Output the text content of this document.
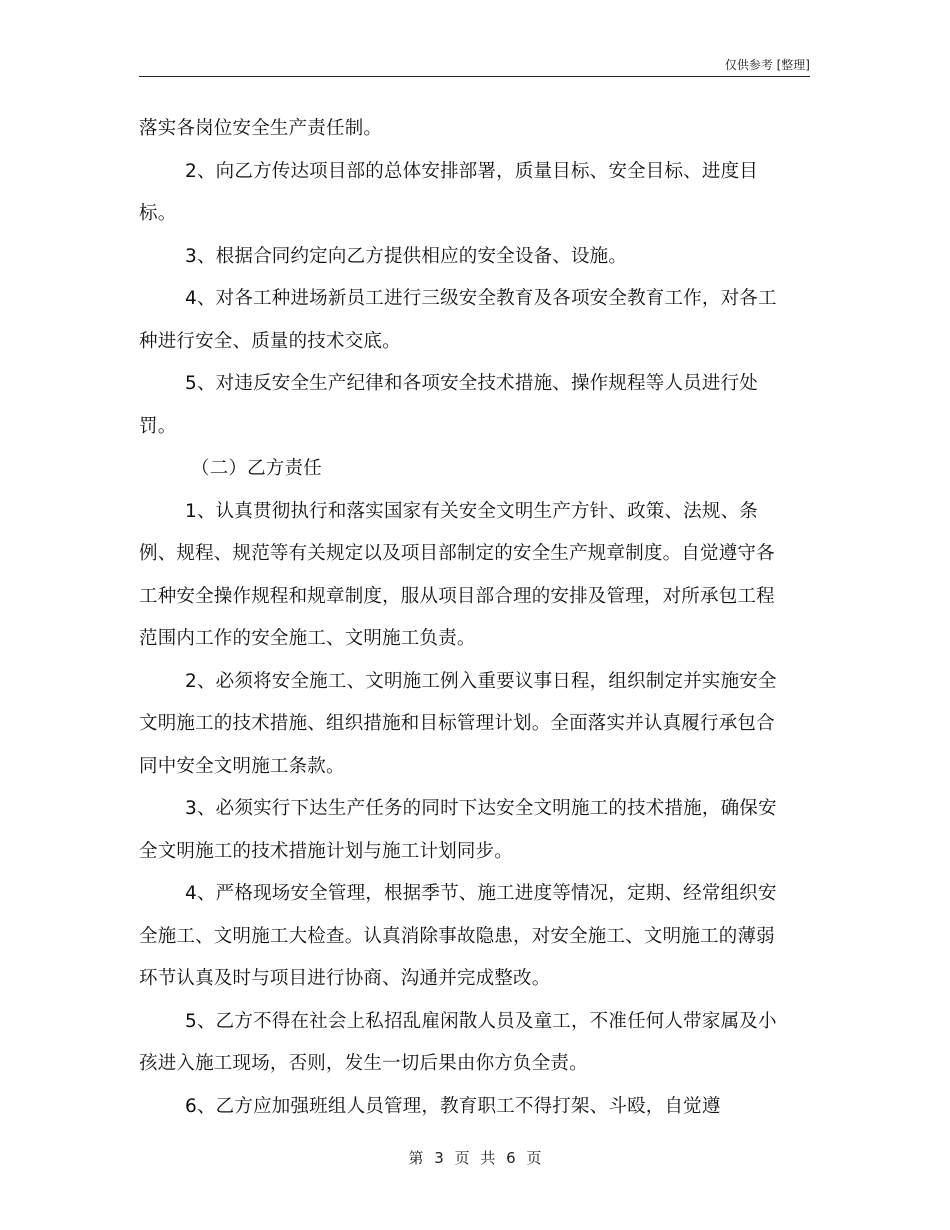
仅供参考 [整理]

落实各岗位安全生产责任制。

2、向乙方传达项目部的总体安排部署，质量目标、安全目标、进度目标。

3、根据合同约定向乙方提供相应的安全设备、设施。

4、对各工种进场新员工进行三级安全教育及各项安全教育工作，对各工种进行安全、质量的技术交底。

5、对违反安全生产纪律和各项安全技术措施、操作规程等人员进行处罚。

（二）乙方责任

1、认真贯彻执行和落实国家有关安全文明生产方针、政策、法规、条例、规程、规范等有关规定以及项目部制定的安全生产规章制度。自觉遵守各工种安全操作规程和规章制度，服从项目部合理的安排及管理，对所承包工程范围内工作的安全施工、文明施工负责。

2、必须将安全施工、文明施工例入重要议事日程，组织制定并实施安全文明施工的技术措施、组织措施和目标管理计划。全面落实并认真履行承包合同中安全文明施工条款。

3、必须实行下达生产任务的同时下达安全文明施工的技术措施，确保安全文明施工的技术措施计划与施工计划同步。

4、严格现场安全管理，根据季节、施工进度等情况，定期、经常组织安全施工、文明施工大检查。认真消除事故隐患，对安全施工、文明施工的薄弱环节认真及时与项目进行协商、沟通并完成整改。

5、乙方不得在社会上私招乱雇闲散人员及童工，不准任何人带家属及小孩进入施工现场，否则，发生一切后果由你方负全责。

6、乙方应加强班组人员管理，教育职工不得打架、斗殴，自觉遵

第 3 页 共 6 页
